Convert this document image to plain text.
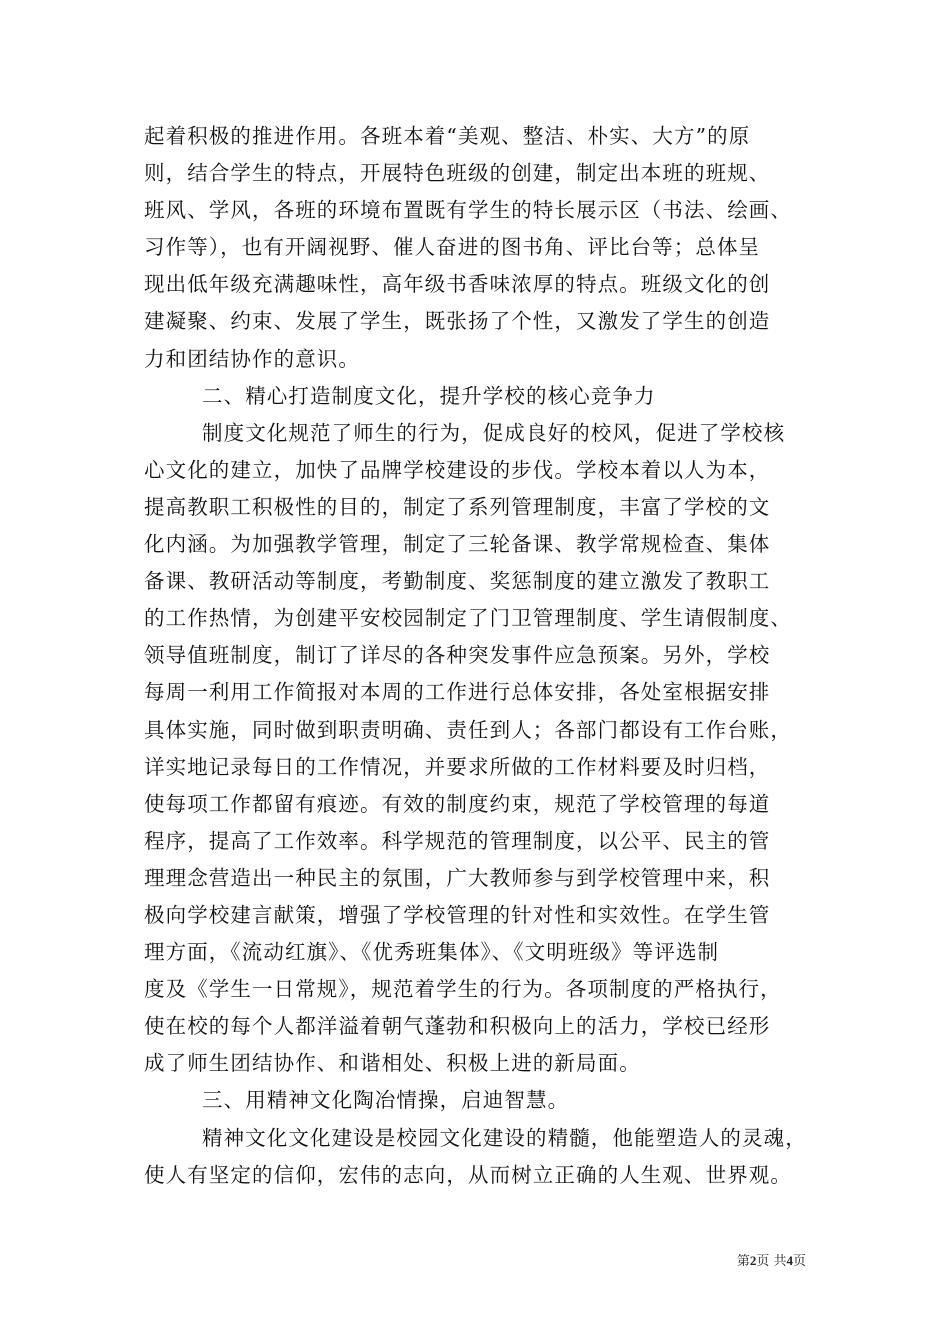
起着积极的推进作用。各班本着“美观、整洁、朴实、大方”的原
则，结合学生的特点，开展特色班级的创建，制定出本班的班规、
班风、学风，各班的环境布置既有学生的特长展示区（书法、绘画、
习作等），也有开阔视野、催人奋进的图书角、评比台等；总体呈
现出低年级充满趣味性，高年级书香味浓厚的特点。班级文化的创
建凝聚、约束、发展了学生，既张扬了个性，又激发了学生的创造
力和团结协作的意识。
二、精心打造制度文化，提升学校的核心竞争力
制度文化规范了师生的行为，促成良好的校风，促进了学校核
心文化的建立，加快了品牌学校建设的步伐。学校本着以人为本，
提高教职工积极性的目的，制定了系列管理制度，丰富了学校的文
化内涵。为加强教学管理，制定了三轮备课、教学常规检查、集体
备课、教研活动等制度，考勤制度、奖惩制度的建立激发了教职工
的工作热情，为创建平安校园制定了门卫管理制度、学生请假制度、
领导值班制度，制订了详尽的各种突发事件应急预案。另外，学校
每周一利用工作简报对本周的工作进行总体安排，各处室根据安排
具体实施，同时做到职责明确、责任到人；各部门都设有工作台账，
详实地记录每日的工作情况，并要求所做的工作材料要及时归档，
使每项工作都留有痕迹。有效的制度约束，规范了学校管理的每道
程序，提高了工作效率。科学规范的管理制度，以公平、民主的管
理理念营造出一种民主的氛围，广大教师参与到学校管理中来，积
极向学校建言献策，增强了学校管理的针对性和实效性。在学生管
理方面，《流动红旗》、《优秀班集体》、《文明班级》等评选制
度及《学生一日常规》，规范着学生的行为。各项制度的严格执行，
使在校的每个人都洋溢着朝气蓬勃和积极向上的活力，学校已经形
成了师生团结协作、和谐相处、积极上进的新局面。
三、用精神文化陶冶情操，启迪智慧。
精神文化文化建设是校园文化建设的精髓，他能塑造人的灵魂，
使人有坚定的信仰，宏伟的志向，从而树立正确的人生观、世界观。
第2页 共4页
